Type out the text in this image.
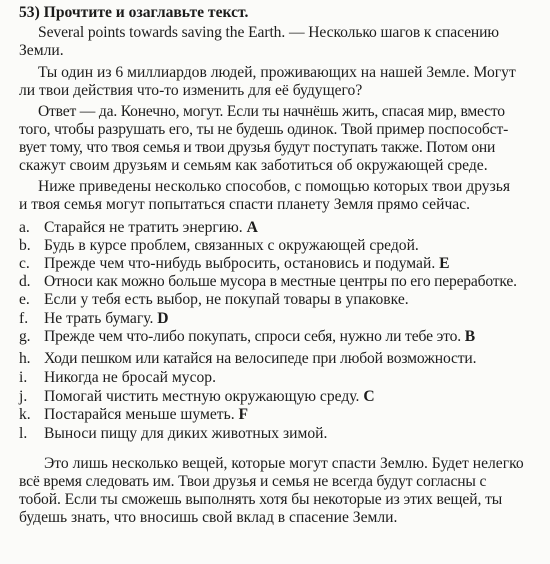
53) Прочтите и озаглавьте текст.
Several points towards saving the Earth. — Несколько шагов к спасению
Земли.
Ты один из 6 миллиардов людей, проживающих на нашей Земле. Могут
ли твои действия что-то изменить для её будущего?
Ответ — да. Конечно, могут. Если ты начнёшь жить, спасая мир, вместо
того, чтобы разрушать его, ты не будешь одинок. Твой пример поспособст-
вует тому, что твоя семья и твои друзья будут поступать также. Потом они
скажут своим друзьям и семьям как заботиться об окружающей среде.
Ниже приведены несколько способов, с помощью которых твои друзья
и твоя семья могут попытаться спасти планету Земля прямо сейчас.
a. Старайся не тратить энергию. A
b. Будь в курсе проблем, связанных с окружающей средой.
c. Прежде чем что-нибудь выбросить, остановись и подумай. E
d. Относи как можно больше мусора в местные центры по его переработке.
e. Если у тебя есть выбор, не покупай товары в упаковке.
f.	Не трать бумагу. D
g. Прежде чем что-либо покупать, спроси себя, нужно ли тебе это. B
h. Ходи пешком или катайся на велосипеде при любой возможности.
i.	Никогда не бросай мусор.
j.	Помогай чистить местную окружающую среду. C
k. Постарайся меньше шуметь. F
l.	Выноси пищу для диких животных зимой.
Это лишь несколько вещей, которые могут спасти Землю. Будет нелегко
всё время следовать им. Твои друзья и семья не всегда будут согласны с
тобой. Если ты сможешь выполнять хотя бы некоторые из этих вещей, ты
будешь знать, что вносишь свой вклад в спасение Земли.
